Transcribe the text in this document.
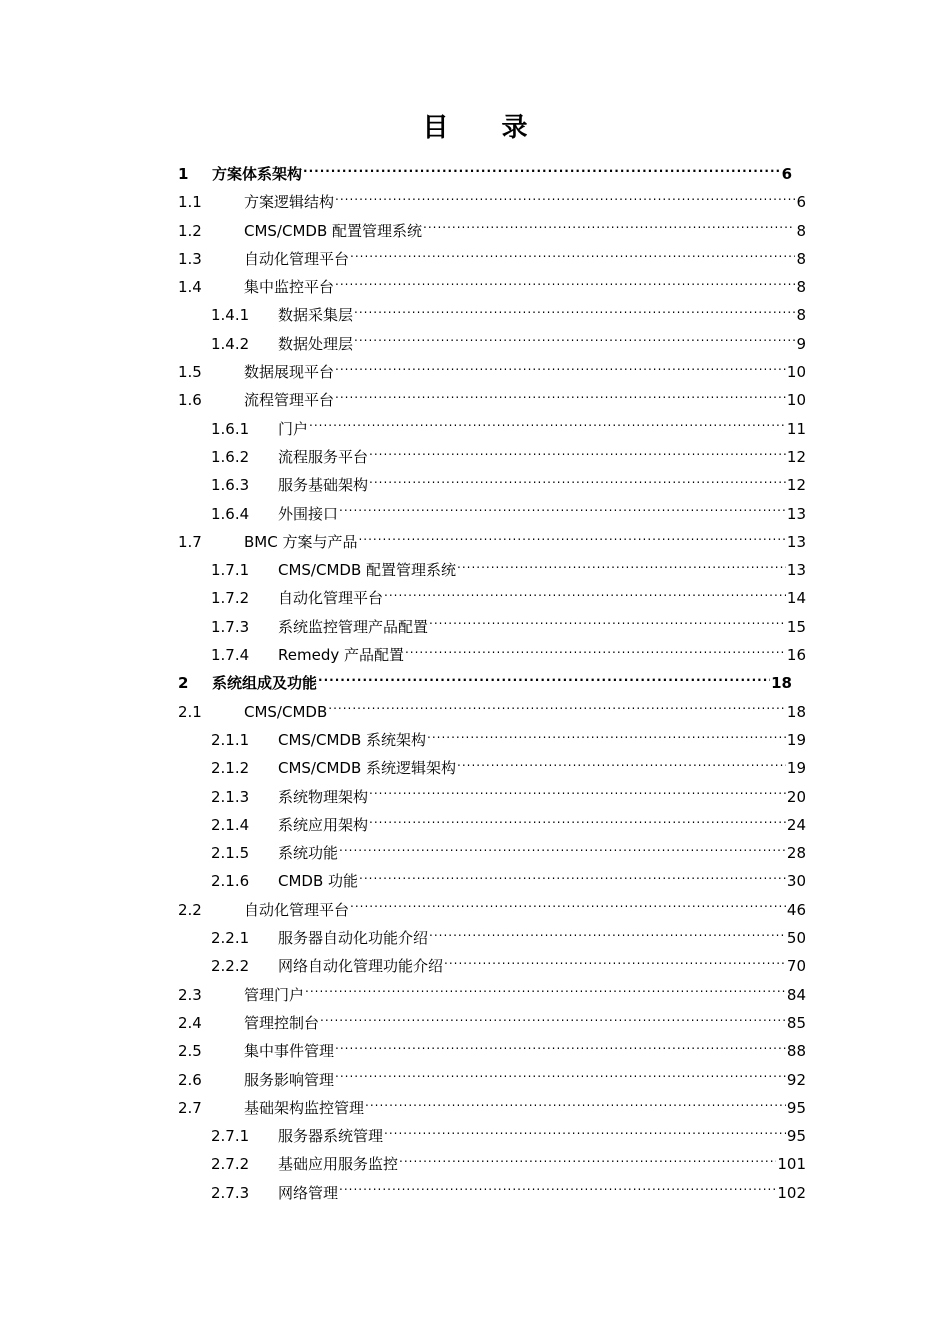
目 录
1	方案体系架构 .....	6
1.1	方案逻辑结构 .....	6
1.2	CMS/CMDB 配置管理系统 .....	8
1.3	自动化管理平台 .....	8
1.4	集中监控平台 .....	8
1.4.1	数据采集层 .....	8
1.4.2	数据处理层 .....	9
1.5	数据展现平台 .....	10
1.6	流程管理平台 .....	10
1.6.1	门户 .....	11
1.6.2	流程服务平台 .....	12
1.6.3	服务基础架构 .....	12
1.6.4	外围接口 .....	13
1.7	BMC 方案与产品 .....	13
1.7.1	CMS/CMDB 配置管理系统 .....	13
1.7.2	自动化管理平台 .....	14
1.7.3	系统监控管理产品配置 .....	15
1.7.4	Remedy 产品配置 .....	16
2	系统组成及功能 .....	18
2.1	CMS/CMDB .....	18
2.1.1	CMS/CMDB 系统架构 .....	19
2.1.2	CMS/CMDB 系统逻辑架构 .....	19
2.1.3	系统物理架构 .....	20
2.1.4	系统应用架构 .....	24
2.1.5	系统功能 .....	28
2.1.6	CMDB 功能 .....	30
2.2	自动化管理平台 .....	46
2.2.1	服务器自动化功能介绍 .....	50
2.2.2	网络自动化管理功能介绍 .....	70
2.3	管理门户 .....	84
2.4	管理控制台 .....	85
2.5	集中事件管理 .....	88
2.6	服务影响管理 .....	92
2.7	基础架构监控管理 .....	95
2.7.1	服务器系统管理 .....	95
2.7.2	基础应用服务监控 .....	101
2.7.3	网络管理 .....	102
